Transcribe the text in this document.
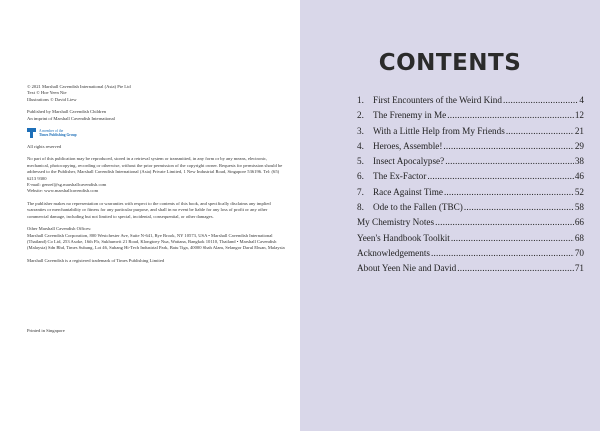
© 2021 Marshall Cavendish International (Asia) Pte Ltd

Text © Hoe Yeen Nie

Illustrations © David Liew

Published by Marshall Cavendish Children

An imprint of Marshall Cavendish International

A member of the
Times Publishing Group

All rights reserved

No part of this publication may be reproduced, stored in a retrieval system or transmitted, in any form or by any means, electronic, mechanical, photocopying, recording or otherwise, without the prior permission of the copyright owner. Requests for permission should be addressed to the Publisher, Marshall Cavendish International (Asia) Private Limited, 1 New Industrial Road, Singapore 536196. Tel: (65) 6213 9300

E-mail: genref@sg.marshallcavendish.com

Website: www.marshallcavendish.com

The publisher makes no representation or warranties with respect to the contents of this book, and specifically disclaims any implied warranties or merchantability or fitness for any particular purpose, and shall in no event be liable for any loss of profit or any other commercial damage, including but not limited to special, incidental, consequential, or other damages.

Other Marshall Cavendish Offices:

Marshall Cavendish Corporation, 800 Westchester Ave, Suite N-641, Rye Brook, NY 10573, USA • Marshall Cavendish International (Thailand) Co Ltd, 253 Asoke, 16th Flr, Sukhumvit 21 Road, Klongtoey Nua, Wattana, Bangkok 10110, Thailand • Marshall Cavendish (Malaysia) Sdn Bhd, Times Subang, Lot 46, Subang Hi-Tech Industrial Park, Batu Tiga, 40000 Shah Alam, Selangor Darul Ehsan, Malaysia

Marshall Cavendish is a registered trademark of Times Publishing Limited

Printed in Singapore
CONTENTS
1. First Encounters of the Weird Kind .....	4
2. The Frenemy in Me .....	12
3. With a Little Help from My Friends .....	21
4. Heroes, Assemble! .....	29
5. Insect Apocalypse? .....	38
6. The Ex-Factor .....	46
7. Race Against Time .....	52
8. Ode to the Fallen (TBC) .....	58
My Chemistry Notes .....	66
Yeen's Handbook Toolkit .....	68
Acknowledgements .....	70
About Yeen Nie and David .....	71
